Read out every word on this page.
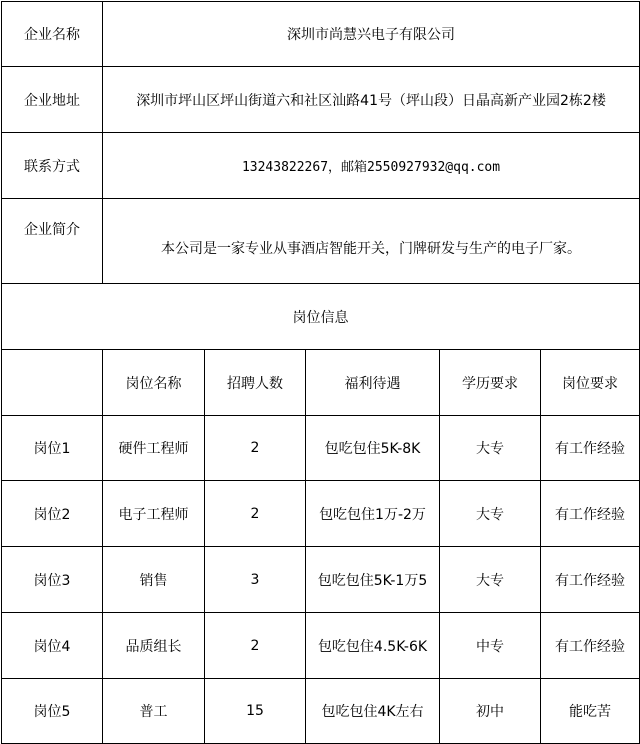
企业名称	深圳市尚慧兴电子有限公司				
企业地址	深圳市坪山区坪山街道六和社区汕路41号（坪山段）日晶高新产业园2栋2楼				
联系方式	13243822267，邮箱2550927932@qq.com				
企业简介	本公司是一家专业从事酒店智能开关，门牌研发与生产的电子厂家。				
岗位信息					
	岗位名称	招聘人数	福利待遇	学历要求	岗位要求
岗位1	硬件工程师	2	包吃包住5K-8K	大专	有工作经验
岗位2	电子工程师	2	包吃包住1万-2万	大专	有工作经验
岗位3	销售	3	包吃包住5K-1万5	大专	有工作经验
岗位4	品质组长	2	包吃包住4.5K-6K	中专	有工作经验
岗位5	普工	15	包吃包住4K左右	初中	能吃苦
